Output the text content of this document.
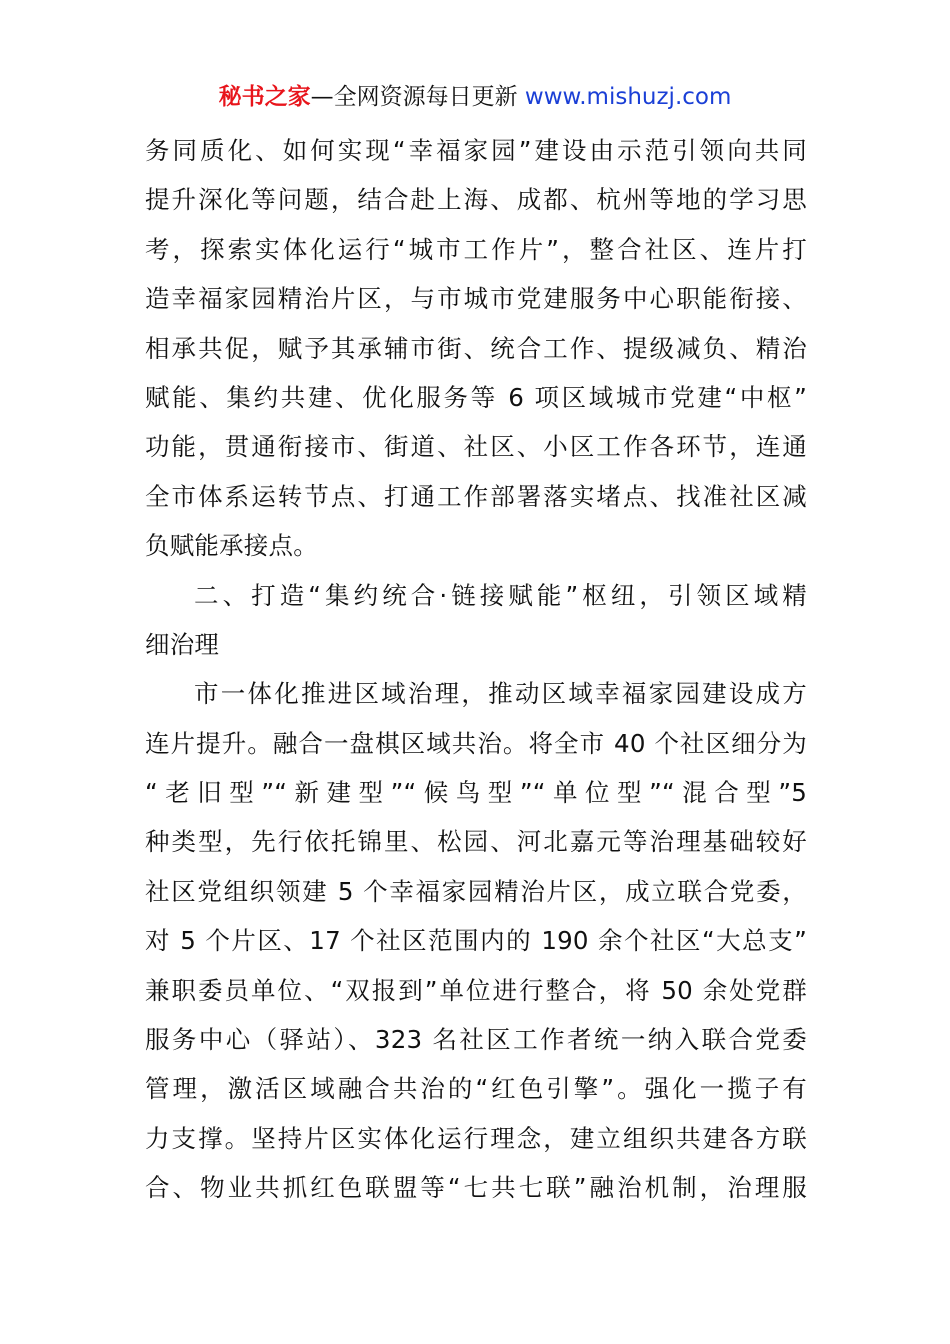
秘书之家—全网资源每日更新 www.mishuzj.com
务同质化、如何实现“幸福家园”建设由示范引领向共同
提升深化等问题，结合赴上海、成都、杭州等地的学习思
考，探索实体化运行“城市工作片”，整合社区、连片打
造幸福家园精治片区，与市城市党建服务中心职能衔接、
相承共促，赋予其承辅市街、统合工作、提级减负、精治
赋能、集约共建、优化服务等 6 项区域城市党建“中枢”
功能，贯通衔接市、街道、社区、小区工作各环节，连通
全市体系运转节点、打通工作部署落实堵点、找准社区减
负赋能承接点。
二、打造“集约统合·链接赋能”枢纽，引领区域精
细治理
市一体化推进区域治理，推动区域幸福家园建设成方
连片提升。融合一盘棋区域共治。将全市 40 个社区细分为
“老旧型”“新建型”“候鸟型”“单位型”“混合型”5
种类型，先行依托锦里、松园、河北嘉元等治理基础较好
社区党组织领建 5 个幸福家园精治片区，成立联合党委，
对 5 个片区、17 个社区范围内的 190 余个社区“大总支”
兼职委员单位、“双报到”单位进行整合，将 50 余处党群
服务中心（驿站）、323 名社区工作者统一纳入联合党委
管理，激活区域融合共治的“红色引擎”。强化一揽子有
力支撑。坚持片区实体化运行理念，建立组织共建各方联
合、物业共抓红色联盟等“七共七联”融治机制，治理服
